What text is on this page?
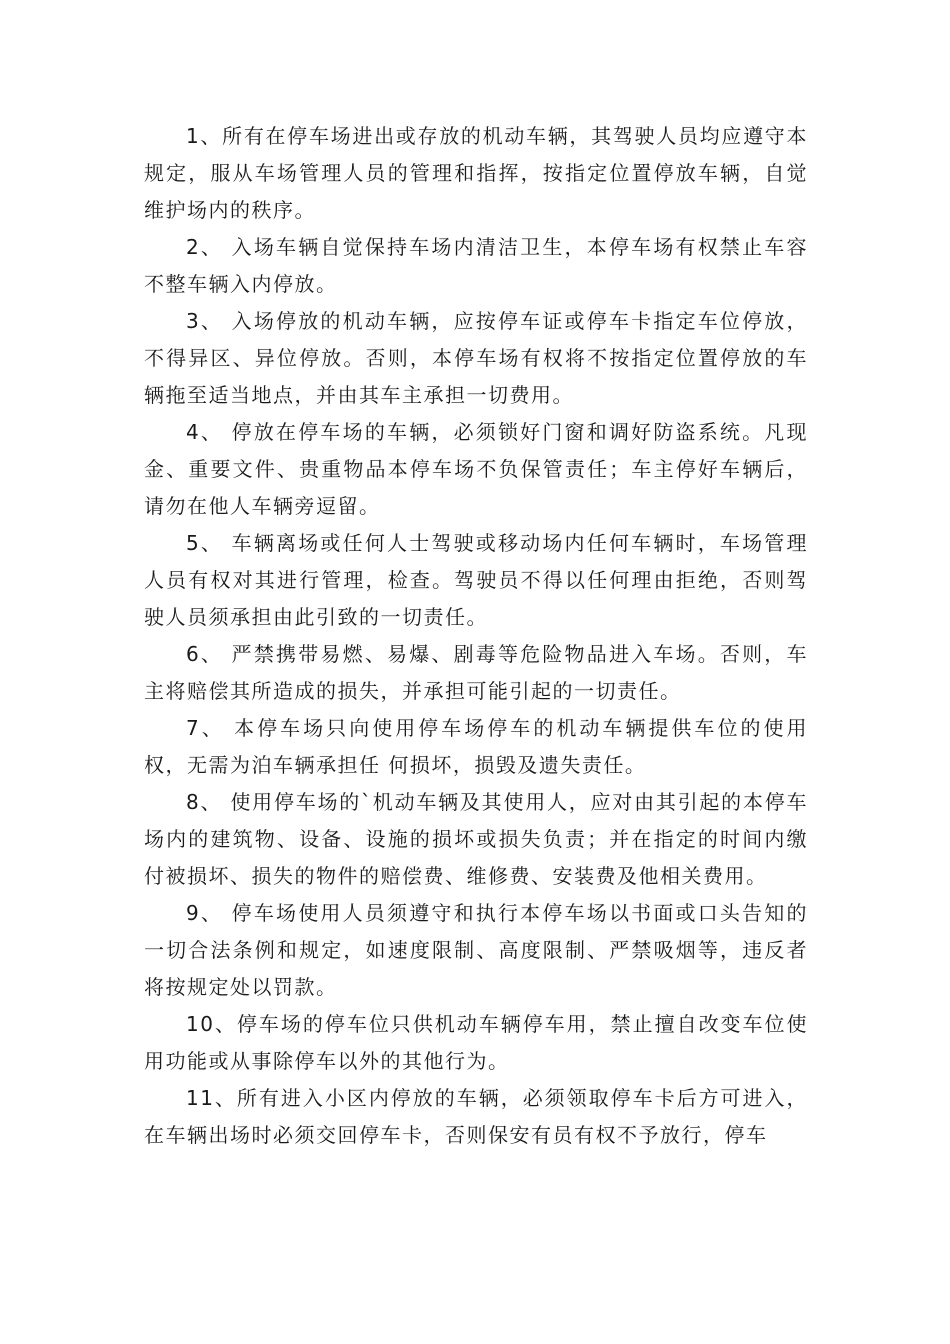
1、所有在停车场进出或存放的机动车辆，其驾驶人员均应遵守本规定，服从车场管理人员的管理和指挥，按指定位置停放车辆，自觉维护场内的秩序。

2、 入场车辆自觉保持车场内清洁卫生，本停车场有权禁止车容不整车辆入内停放。

3、 入场停放的机动车辆，应按停车证或停车卡指定车位停放，不得异区、异位停放。否则，本停车场有权将不按指定位置停放的车辆拖至适当地点，并由其车主承担一切费用。

4、 停放在停车场的车辆，必须锁好门窗和调好防盗系统。凡现金、重要文件、贵重物品本停车场不负保管责任；车主停好车辆后，请勿在他人车辆旁逗留。

5、 车辆离场或任何人士驾驶或移动场内任何车辆时，车场管理人员有权对其进行管理，检查。驾驶员不得以任何理由拒绝，否则驾驶人员须承担由此引致的一切责任。

6、 严禁携带易燃、易爆、剧毒等危险物品进入车场。否则，车主将赔偿其所造成的损失，并承担可能引起的一切责任。

7、 本停车场只向使用停车场停车的机动车辆提供车位的使用权，无需为泊车辆承担任 何损坏，损毁及遗失责任。

8、 使用停车场的`机动车辆及其使用人，应对由其引起的本停车场内的建筑物、设备、设施的损坏或损失负责；并在指定的时间内缴付被损坏、损失的物件的赔偿费、维修费、安装费及他相关费用。

9、 停车场使用人员须遵守和执行本停车场以书面或口头告知的一切合法条例和规定，如速度限制、高度限制、严禁吸烟等，违反者将按规定处以罚款。

10、停车场的停车位只供机动车辆停车用，禁止擅自改变车位使用功能或从事除停车以外的其他行为。

11、所有进入小区内停放的车辆，必须领取停车卡后方可进入，在车辆出场时必须交回停车卡，否则保安有员有权不予放行，停车
